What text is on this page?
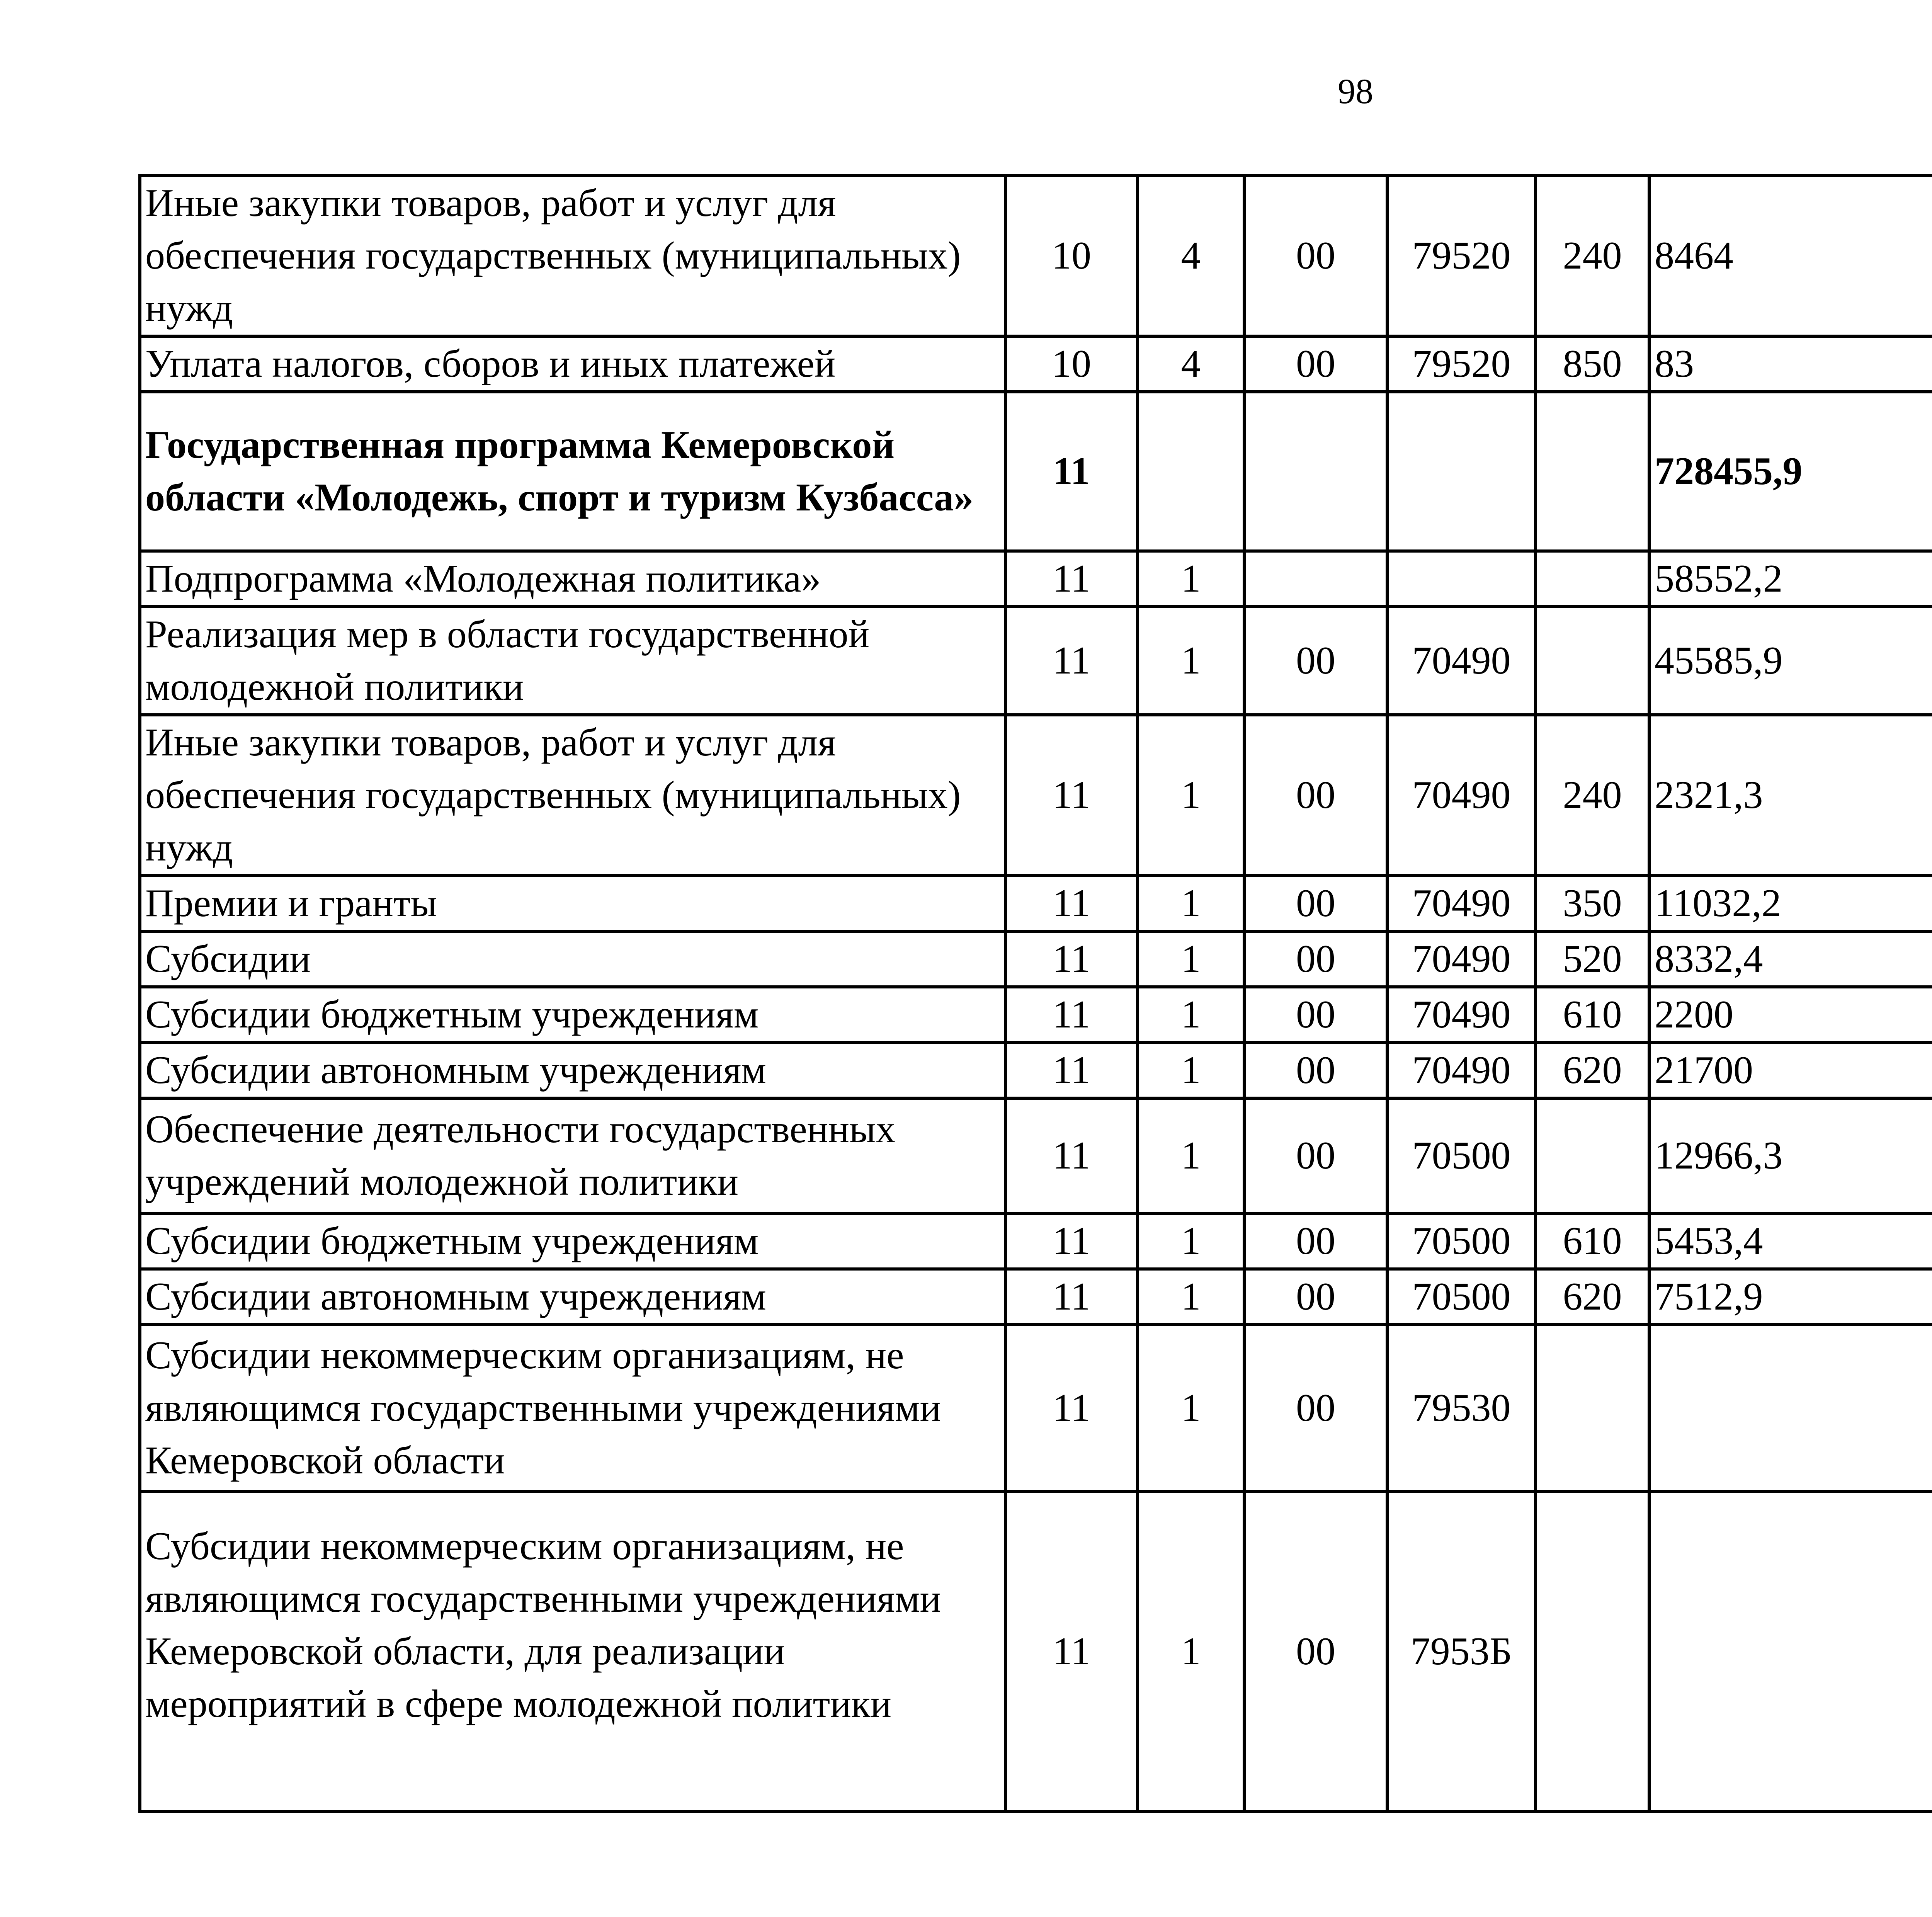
98
Иные закупки товаров, работ и услуг для обеспечения государственных (муниципальных) нужд	10	4	00	79520	240	8464		
Уплата налогов, сборов и иных платежей	10	4	00	79520	850	83		
Государственная программа Кемеровской области «Молодежь, спорт и туризм Кузбасса»	11					728455,9		
Подпрограмма «Молодежная политика»	11	1				58552,2		
Реализация мер в области государственной молодежной политики	11	1	00	70490		45585,9		
Иные закупки товаров, работ и услуг для обеспечения государственных (муниципальных) нужд	11	1	00	70490	240	2321,3		
Премии и гранты	11	1	00	70490	350	11032,2		
Субсидии	11	1	00	70490	520	8332,4		
Субсидии бюджетным учреждениям	11	1	00	70490	610	2200		
Субсидии автономным учреждениям	11	1	00	70490	620	21700		
Обеспечение деятельности государственных учреждений молодежной политики	11	1	00	70500		12966,3		
Субсидии бюджетным учреждениям	11	1	00	70500	610	5453,4		
Субсидии автономным учреждениям	11	1	00	70500	620	7512,9		
Субсидии некоммерческим организациям, не являющимся государственными учреждениями Кемеровской области	11	1	00	79530				
Субсидии некоммерческим организациям, не являющимся государственными учреждениями Кемеровской области, для реализации мероприятий в сфере молодежной политики	11	1	00	7953Б				
